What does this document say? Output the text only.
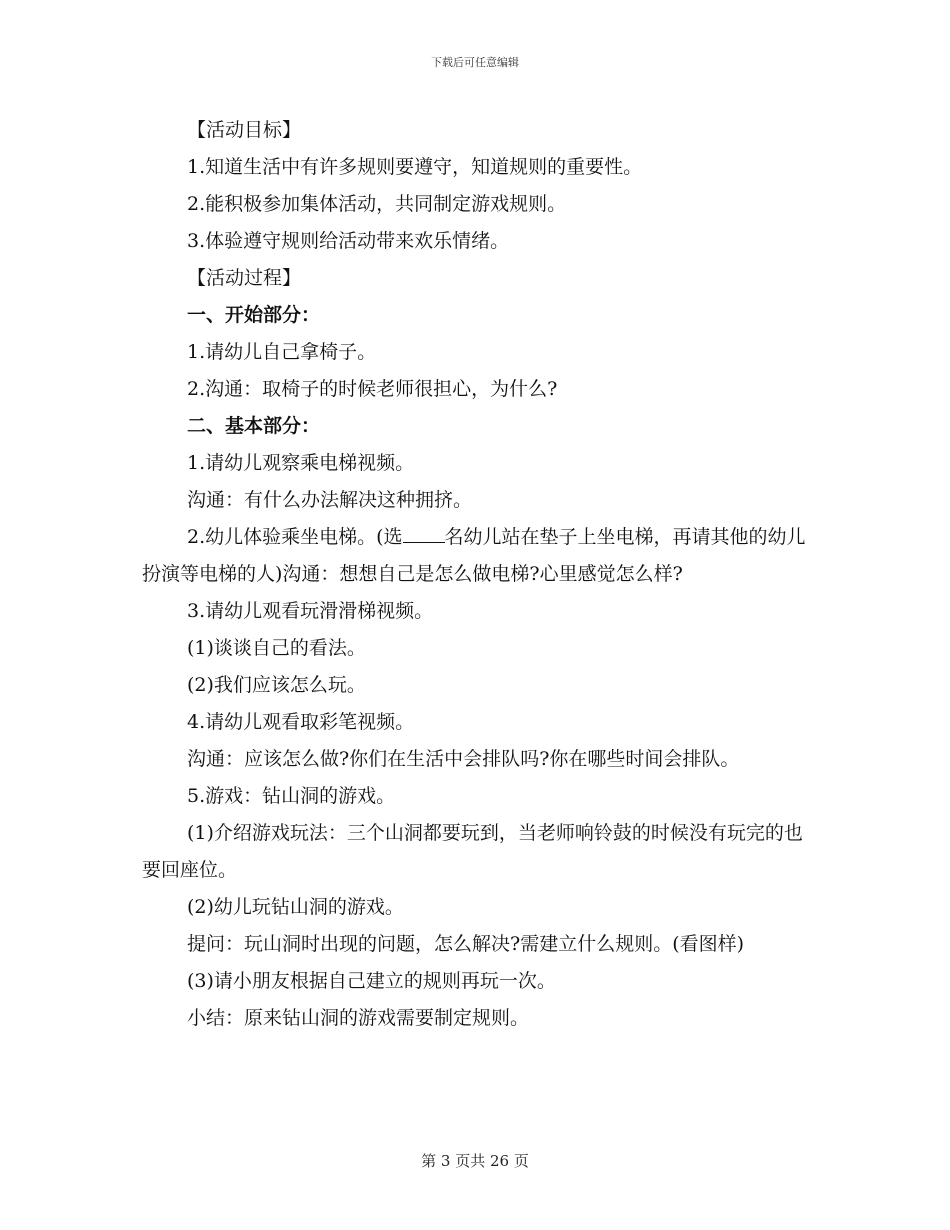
下载后可任意编辑

【活动目标】

1.知道生活中有许多规则要遵守，知道规则的重要性。

2.能积极参加集体活动，共同制定游戏规则。

3.体验遵守规则给活动带来欢乐情绪。

【活动过程】

一、开始部分：

1.请幼儿自己拿椅子。

2.沟通：取椅子的时候老师很担心，为什么?

二、基本部分：

1.请幼儿观察乘电梯视频。

沟通：有什么办法解决这种拥挤。

2.幼儿体验乘坐电梯。(选 名幼儿站在垫子上坐电梯，再请其他的幼儿扮演等电梯的人)沟通：想想自己是怎么做电梯?心里感觉怎么样?

3.请幼儿观看玩滑滑梯视频。

(1)谈谈自己的看法。

(2)我们应该怎么玩。

4.请幼儿观看取彩笔视频。

沟通：应该怎么做?你们在生活中会排队吗?你在哪些时间会排队。

5.游戏：钻山洞的游戏。

(1)介绍游戏玩法：三个山洞都要玩到，当老师响铃鼓的时候没有玩完的也要回座位。

(2)幼儿玩钻山洞的游戏。

提问：玩山洞时出现的问题，怎么解决?需建立什么规则。(看图样)

(3)请小朋友根据自己建立的规则再玩一次。

小结：原来钻山洞的游戏需要制定规则。

第 3 页共 26 页
